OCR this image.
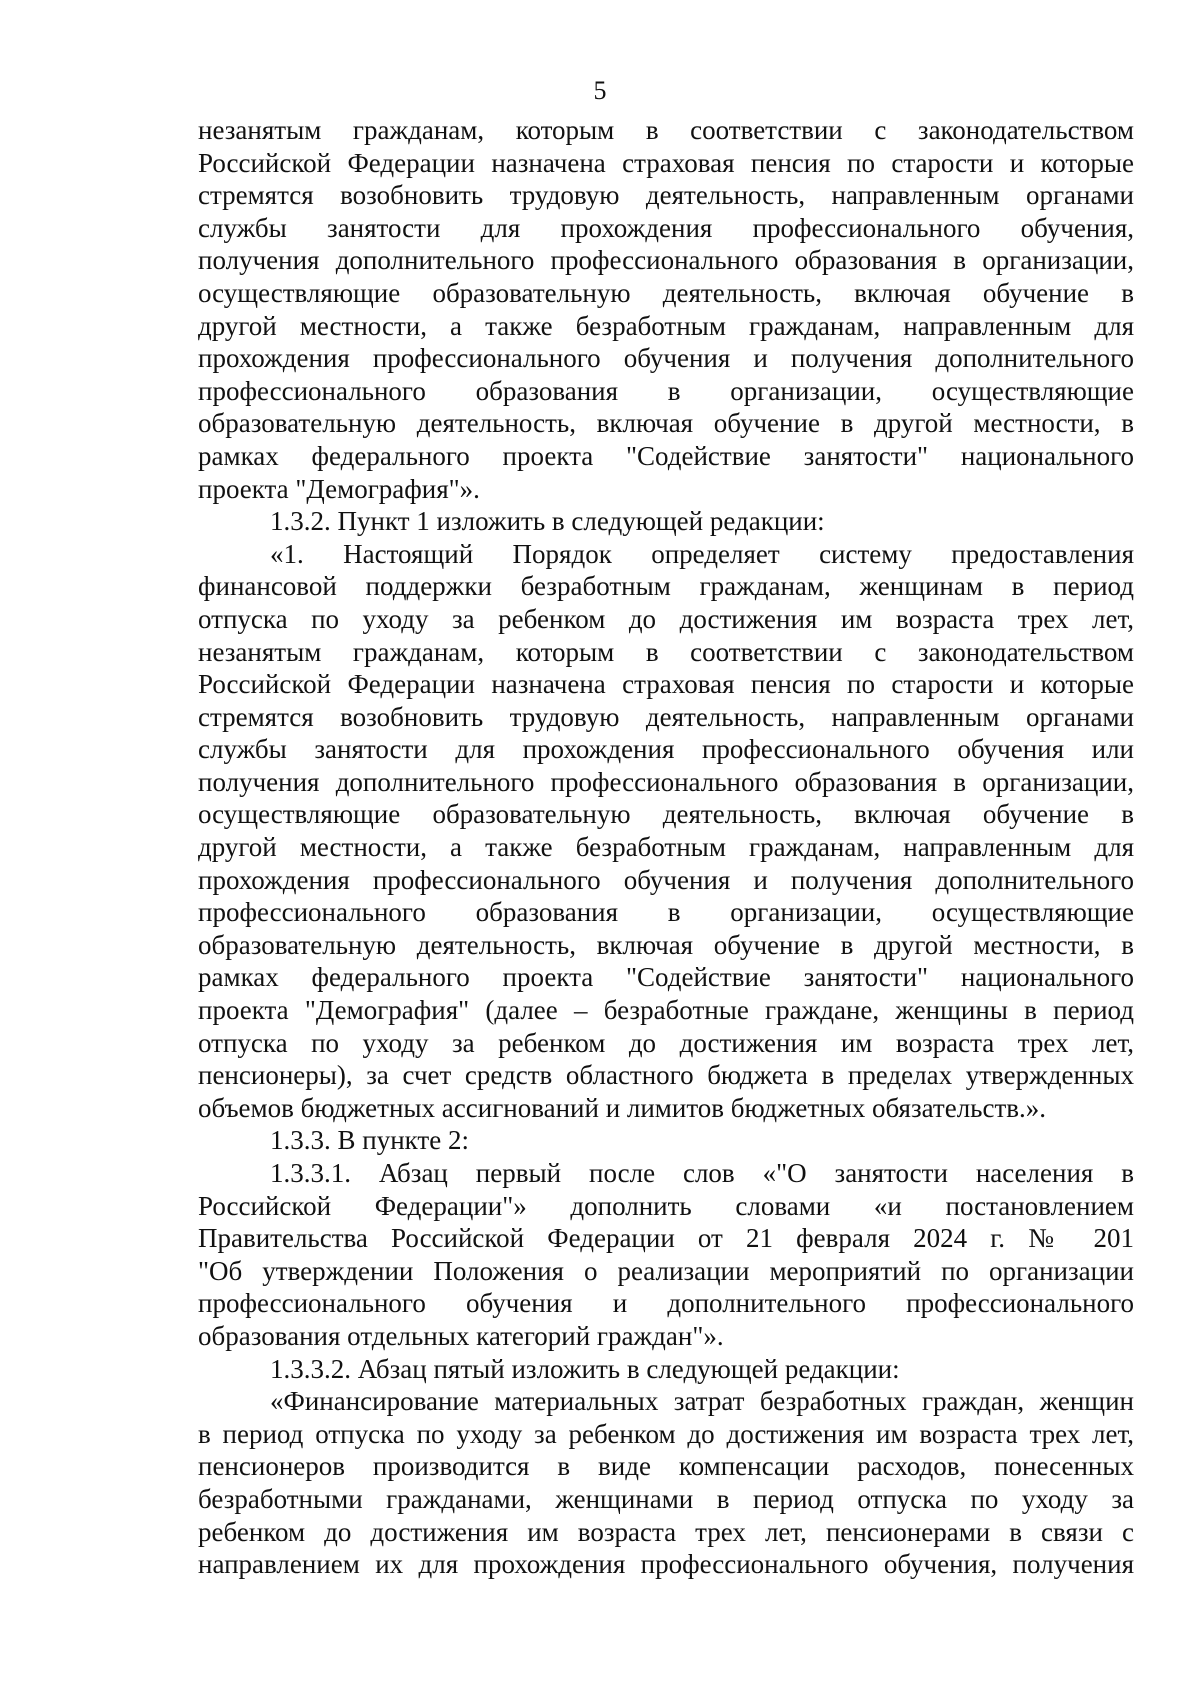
5
незанятым гражданам, которым в соответствии с законодательством
Российской Федерации назначена страховая пенсия по старости и которые
стремятся возобновить трудовую деятельность, направленным органами
службы занятости для прохождения профессионального обучения,
получения дополнительного профессионального образования в организации,
осуществляющие образовательную деятельность, включая обучение в
другой местности, а также безработным гражданам, направленным для
прохождения профессионального обучения и получения дополнительного
профессионального образования в организации, осуществляющие
образовательную деятельность, включая обучение в другой местности, в
рамках федерального проекта "Содействие занятости" национального
проекта "Демография"».
1.3.2. Пункт 1 изложить в следующей редакции:
«1. Настоящий Порядок определяет систему предоставления
финансовой поддержки безработным гражданам, женщинам в период
отпуска по уходу за ребенком до достижения им возраста трех лет,
незанятым гражданам, которым в соответствии с законодательством
Российской Федерации назначена страховая пенсия по старости и которые
стремятся возобновить трудовую деятельность, направленным органами
службы занятости для прохождения профессионального обучения или
получения дополнительного профессионального образования в организации,
осуществляющие образовательную деятельность, включая обучение в
другой местности, а также безработным гражданам, направленным для
прохождения профессионального обучения и получения дополнительного
профессионального образования в организации, осуществляющие
образовательную деятельность, включая обучение в другой местности, в
рамках федерального проекта "Содействие занятости" национального
проекта "Демография" (далее – безработные граждане, женщины в период
отпуска по уходу за ребенком до достижения им возраста трех лет,
пенсионеры), за счет средств областного бюджета в пределах утвержденных
объемов бюджетных ассигнований и лимитов бюджетных обязательств.».
1.3.3. В пункте 2:
1.3.3.1. Абзац первый после слов «"О занятости населения в
Российской Федерации"» дополнить словами «и постановлением
Правительства Российской Федерации от 21 февраля 2024 г. № 201
"Об утверждении Положения о реализации мероприятий по организации
профессионального обучения и дополнительного профессионального
образования отдельных категорий граждан"».
1.3.3.2. Абзац пятый изложить в следующей редакции:
«Финансирование материальных затрат безработных граждан, женщин
в период отпуска по уходу за ребенком до достижения им возраста трех лет,
пенсионеров производится в виде компенсации расходов, понесенных
безработными гражданами, женщинами в период отпуска по уходу за
ребенком до достижения им возраста трех лет, пенсионерами в связи с
направлением их для прохождения профессионального обучения, получения
